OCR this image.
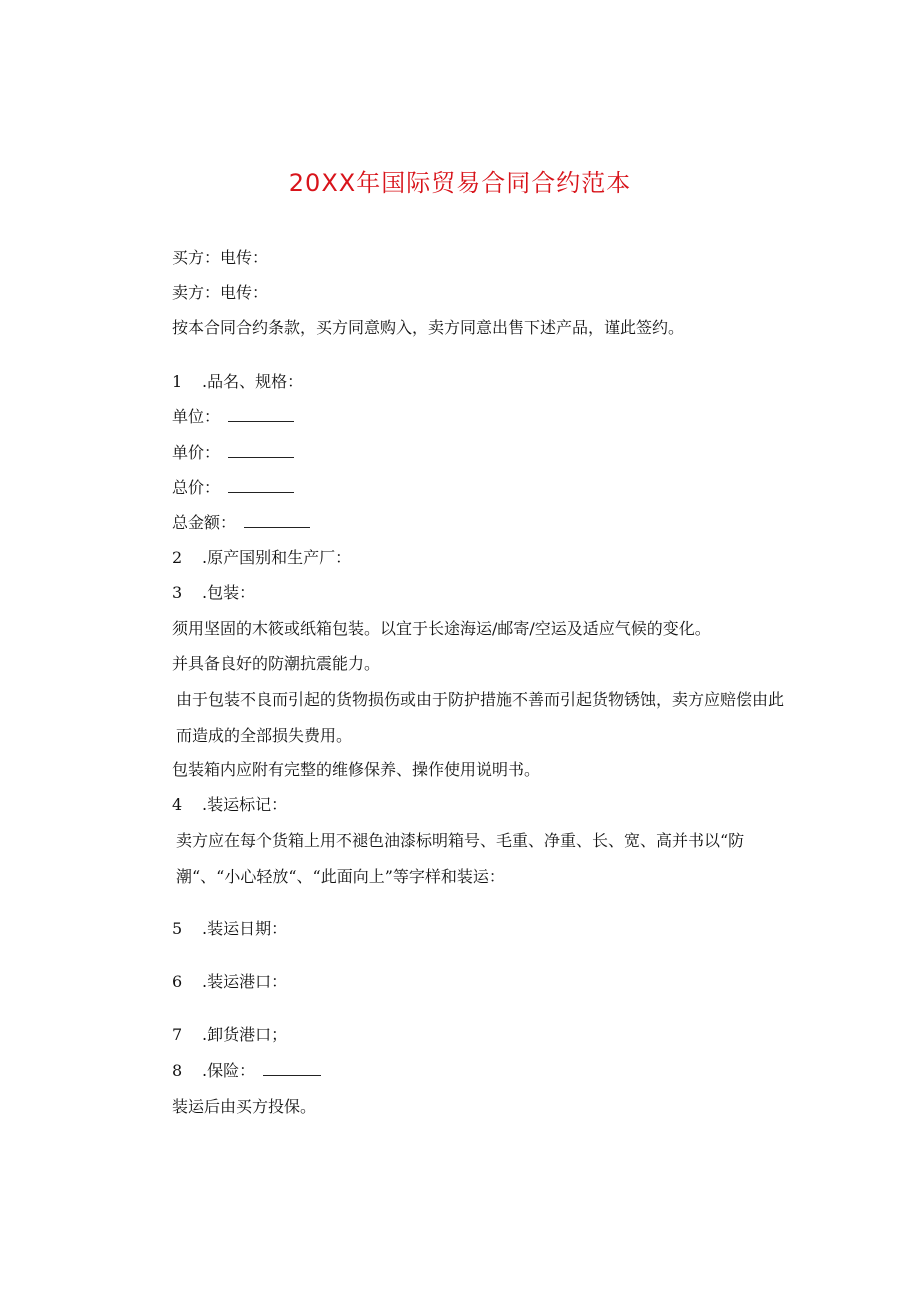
20XX年国际贸易合同合约范本
买方：电传：
卖方：电传：
按本合同合约条款，买方同意购入，卖方同意出售下述产品，谨此签约。
1 .品名、规格：
单位：
单价：
总价：
总金额：
2 .原产国别和生产厂：
3 .包装：
须用坚固的木筱或纸箱包装。以宜于长途海运/邮寄/空运及适应气候的变化。
并具备良好的防潮抗震能力。
由于包装不良而引起的货物损伤或由于防护措施不善而引起货物锈蚀，卖方应赔偿由此而造成的全部损失费用。
包装箱内应附有完整的维修保养、操作使用说明书。
4 .装运标记：
卖方应在每个货箱上用不褪色油漆标明箱号、毛重、净重、长、宽、高并书以“防潮“、“小心轻放“、“此面向上”等字样和装运：
5 .装运日期：
6 .装运港口：
7 .卸货港口；
8 .保险：
装运后由买方投保。
